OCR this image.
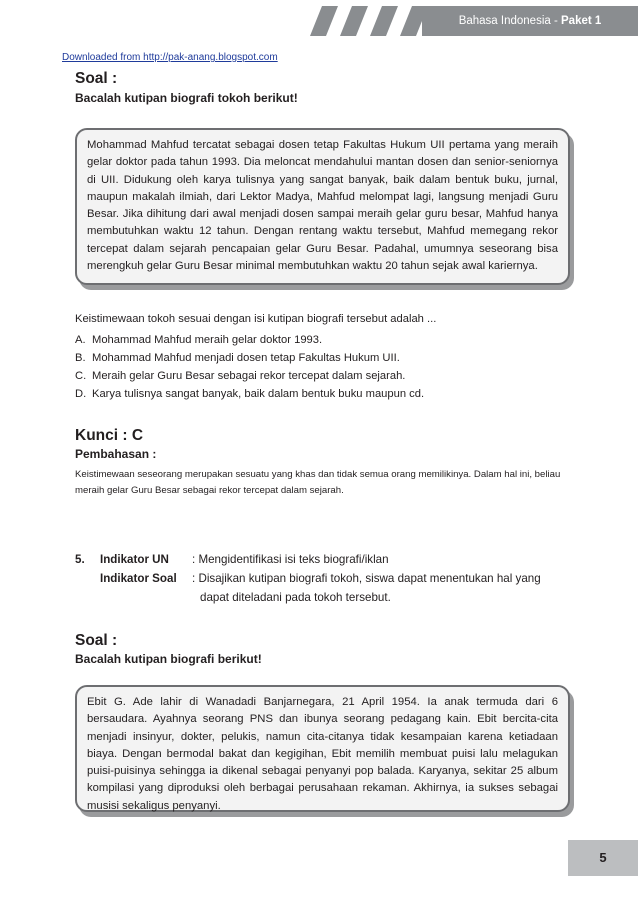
Bahasa Indonesia - Paket 1
Downloaded from http://pak-anang.blogspot.com
Soal :
Bacalah kutipan biografi tokoh berikut!
Mohammad Mahfud tercatat sebagai dosen tetap Fakultas Hukum UII pertama yang meraih gelar doktor pada tahun 1993. Dia meloncat mendahului mantan dosen dan senior-seniornya di UII. Didukung oleh karya tulisnya yang sangat banyak, baik dalam bentuk buku, jurnal, maupun makalah ilmiah, dari Lektor Madya, Mahfud melompat lagi, langsung menjadi Guru Besar. Jika dihitung dari awal menjadi dosen sampai meraih gelar guru besar, Mahfud hanya membutuhkan waktu 12 tahun. Dengan rentang waktu tersebut, Mahfud memegang rekor tercepat dalam sejarah pencapaian gelar Guru Besar. Padahal, umumnya seseorang bisa merengkuh gelar Guru Besar minimal membutuhkan waktu 20 tahun sejak awal kariernya.
Keistimewaan tokoh sesuai dengan isi kutipan biografi tersebut adalah ...
A. Mohammad Mahfud meraih gelar doktor 1993.
B. Mohammad Mahfud menjadi dosen tetap Fakultas Hukum UII.
C. Meraih gelar Guru Besar sebagai rekor tercepat dalam sejarah.
D. Karya tulisnya sangat banyak, baik dalam bentuk buku maupun cd.
Kunci : C
Pembahasan :
Keistimewaan seseorang merupakan sesuatu yang khas dan tidak semua orang memilikinya. Dalam hal ini, beliau meraih gelar Guru Besar sebagai rekor tercepat dalam sejarah.
5. Indikator UN : Mengidentifikasi isi teks biografi/iklan
Indikator Soal : Disajikan kutipan biografi tokoh, siswa dapat menentukan hal yang
dapat diteladani pada tokoh tersebut.
Soal :
Bacalah kutipan biografi berikut!
Ebit G. Ade lahir di Wanadadi Banjarnegara, 21 April 1954. Ia anak termuda dari 6 bersaudara. Ayahnya seorang PNS dan ibunya seorang pedagang kain. Ebit bercita-cita menjadi insinyur, dokter, pelukis, namun cita-citanya tidak kesampaian karena ketiadaan biaya. Dengan bermodal bakat dan kegigihan, Ebit memilih membuat puisi lalu melagukan puisi-puisinya sehingga ia dikenal sebagai penyanyi pop balada. Karyanya, sekitar 25 album kompilasi yang diproduksi oleh berbagai perusahaan rekaman. Akhirnya, ia sukses sebagai musisi sekaligus penyanyi.
5
